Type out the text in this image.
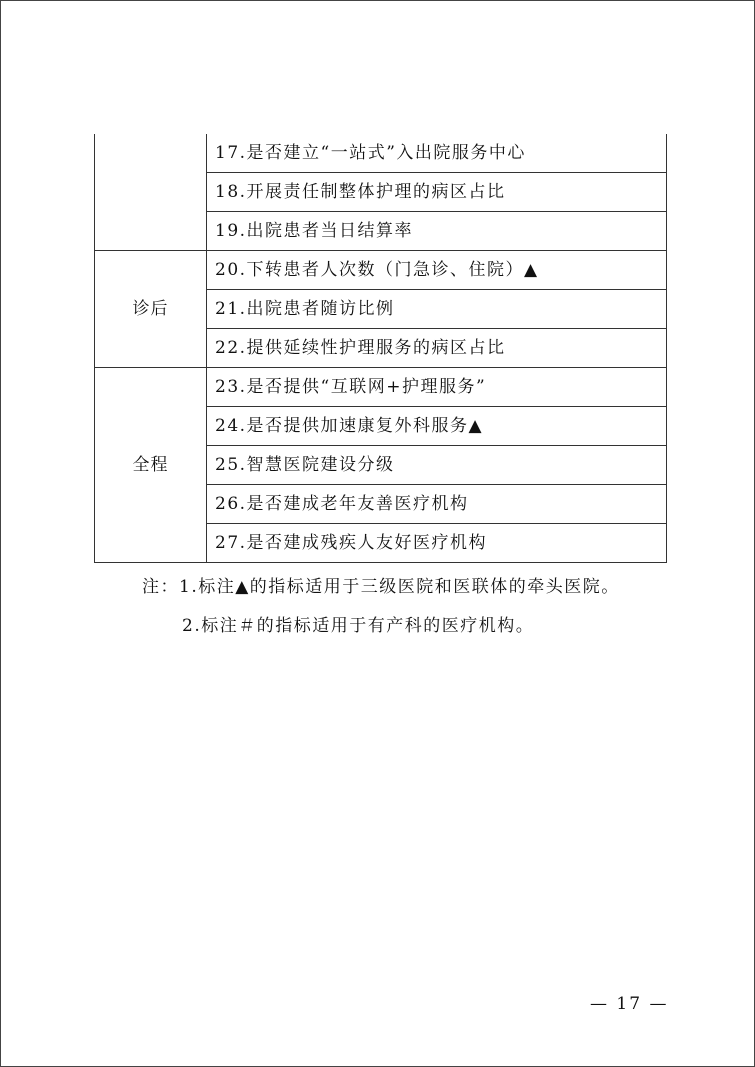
	17.是否建立“一站式”入出院服务中心
	18.开展责任制整体护理的病区占比
	19.出院患者当日结算率
诊后	20.下转患者人次数（门急诊、住院）▲
	21.出院患者随访比例
	22.提供延续性护理服务的病区占比
全程	23.是否提供“互联网+护理服务”
	24.是否提供加速康复外科服务▲
	25.智慧医院建设分级
	26.是否建成老年友善医疗机构
	27.是否建成残疾人友好医疗机构
注：1.标注▲的指标适用于三级医院和医联体的牵头医院。
2.标注＃的指标适用于有产科的医疗机构。
— 17 —
